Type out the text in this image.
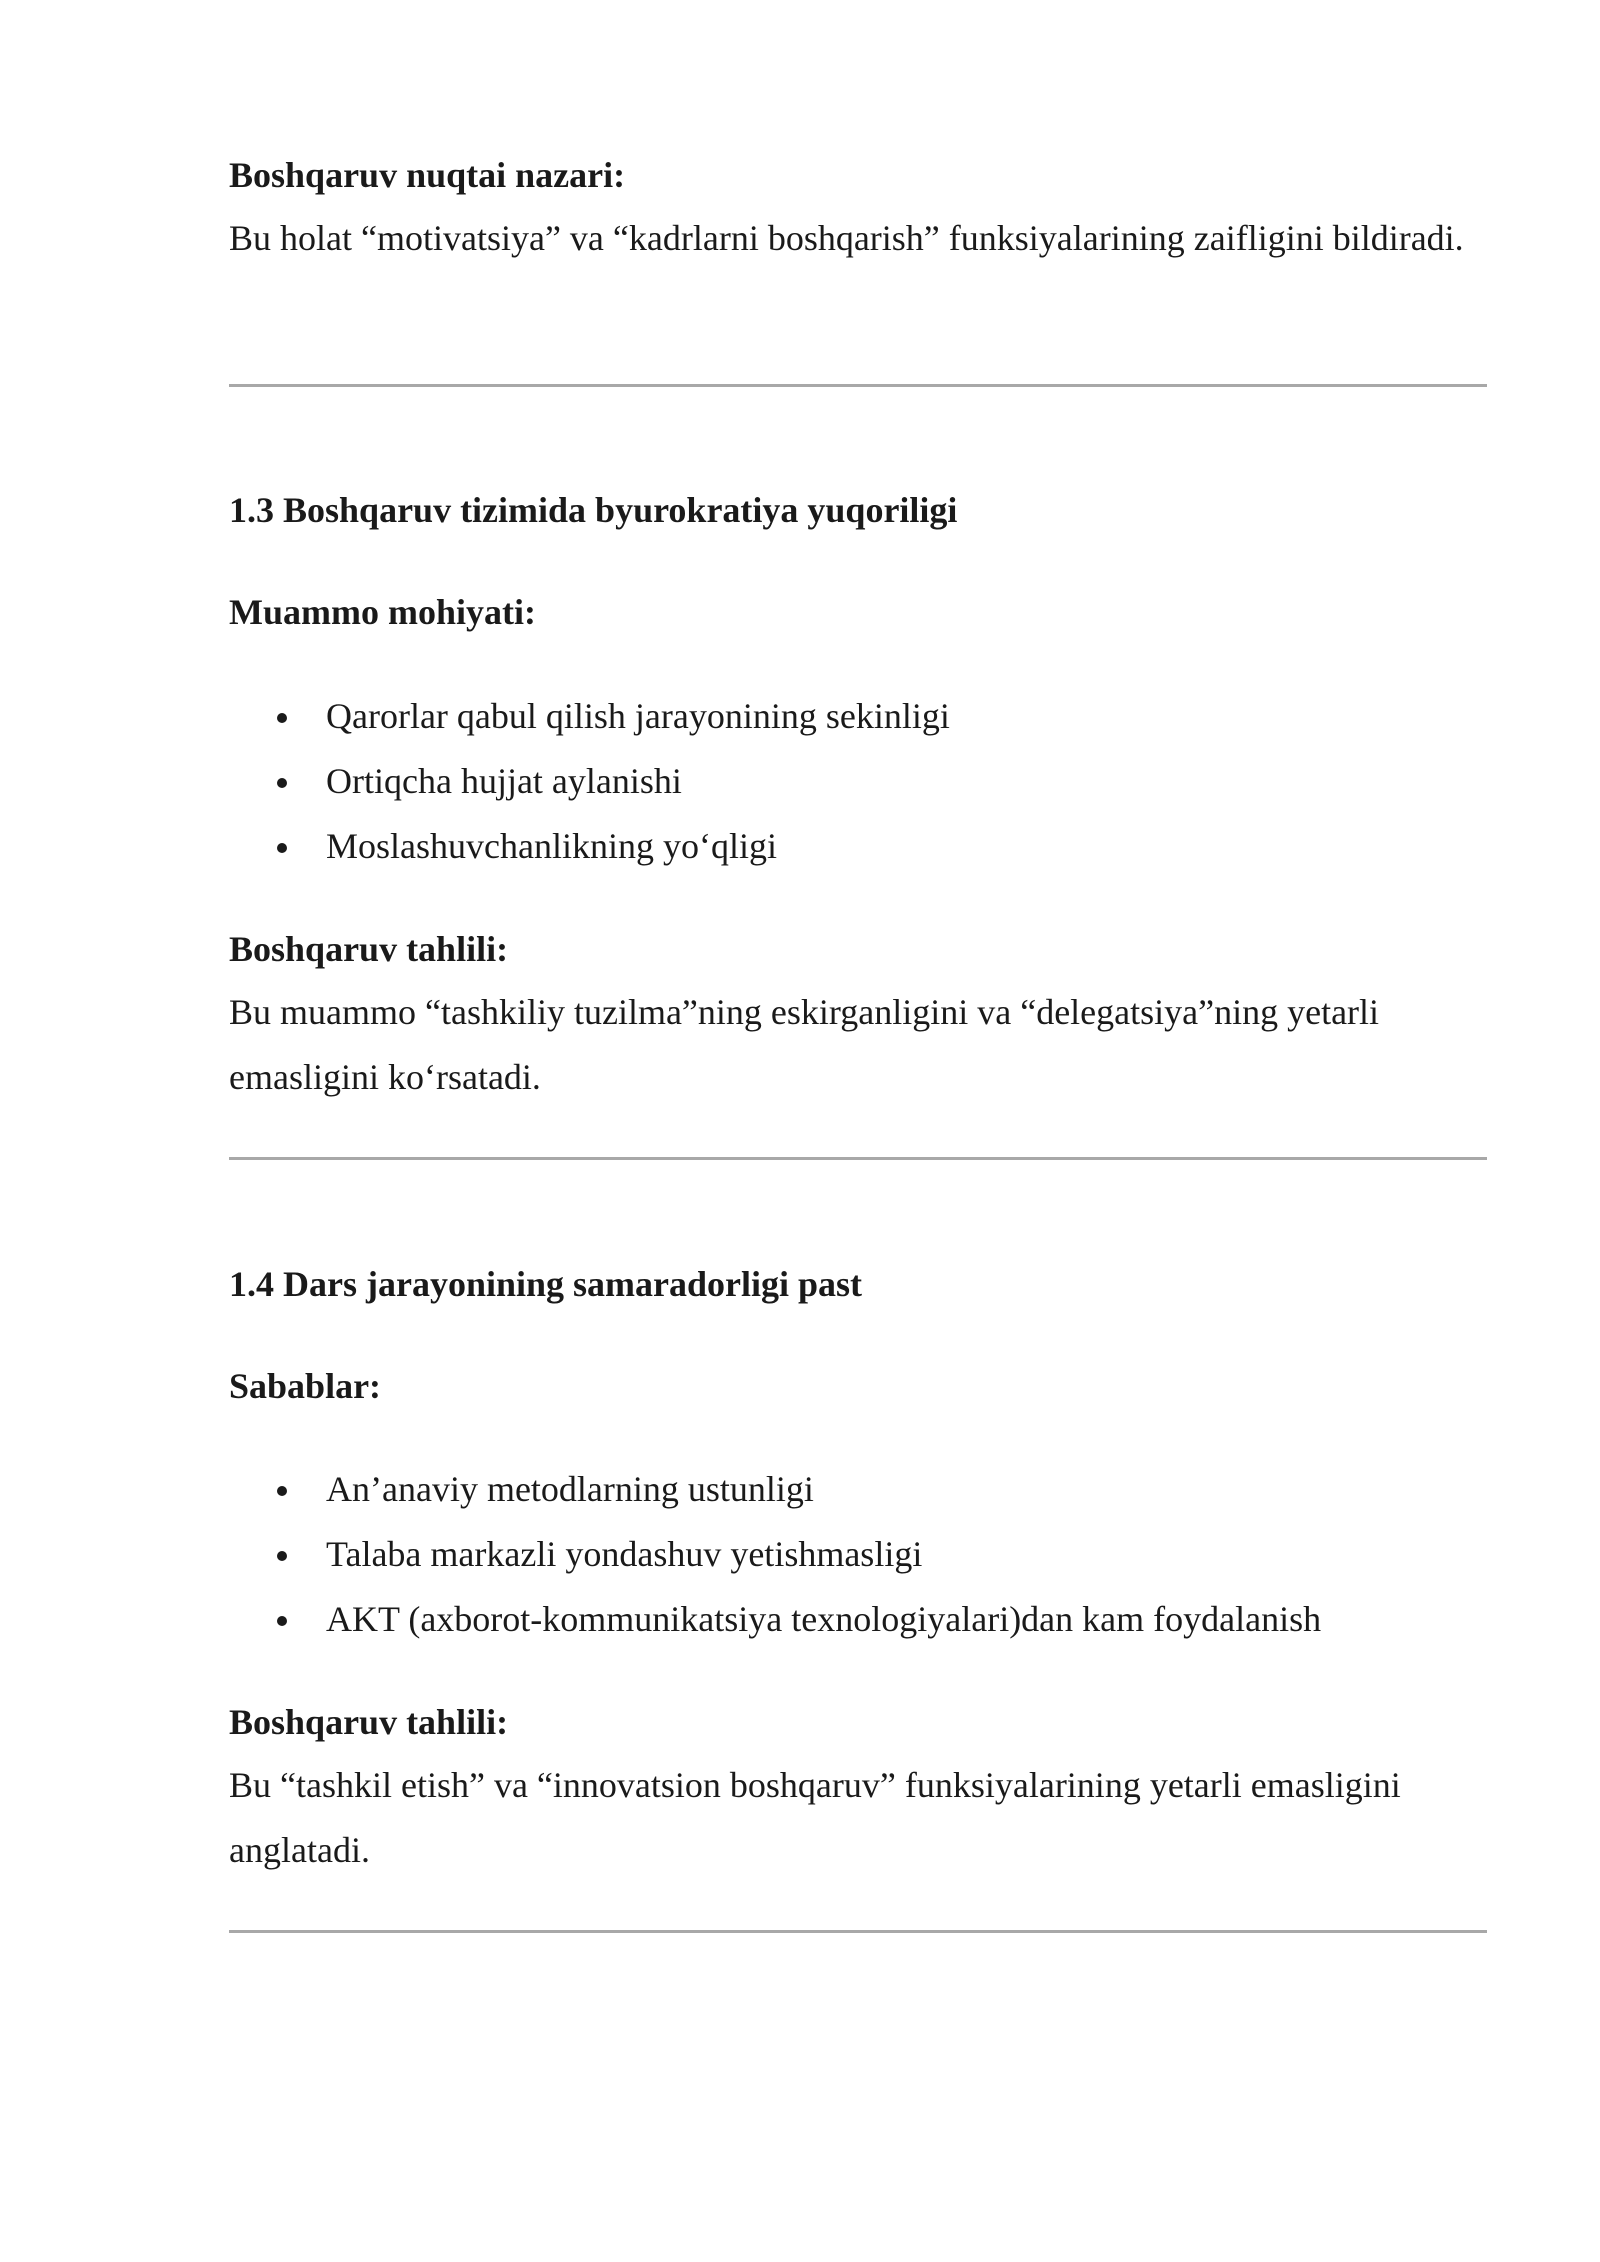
Boshqaruv nuqtai nazari:

Bu holat “motivatsiya” va “kadrlarni boshqarish” funksiyalarining zaifligini bildiradi.

1.3 Boshqaruv tizimida byurokratiya yuqoriligi

Muammo mohiyati:

Qarorlar qabul qilish jarayonining sekinligi
Ortiqcha hujjat aylanishi
Moslashuvchanlikning yo‘qligi

Boshqaruv tahlili:

Bu muammo “tashkiliy tuzilma”ning eskirganligini va “delegatsiya”ning yetarli emasligini ko‘rsatadi.

1.4 Dars jarayonining samaradorligi past

Sabablar:

An’anaviy metodlarning ustunligi
Talaba markazli yondashuv yetishmasligi
AKT (axborot-kommunikatsiya texnologiyalari)dan kam foydalanish

Boshqaruv tahlili:

Bu “tashkil etish” va “innovatsion boshqaruv” funksiyalarining yetarli emasligini anglatadi.
